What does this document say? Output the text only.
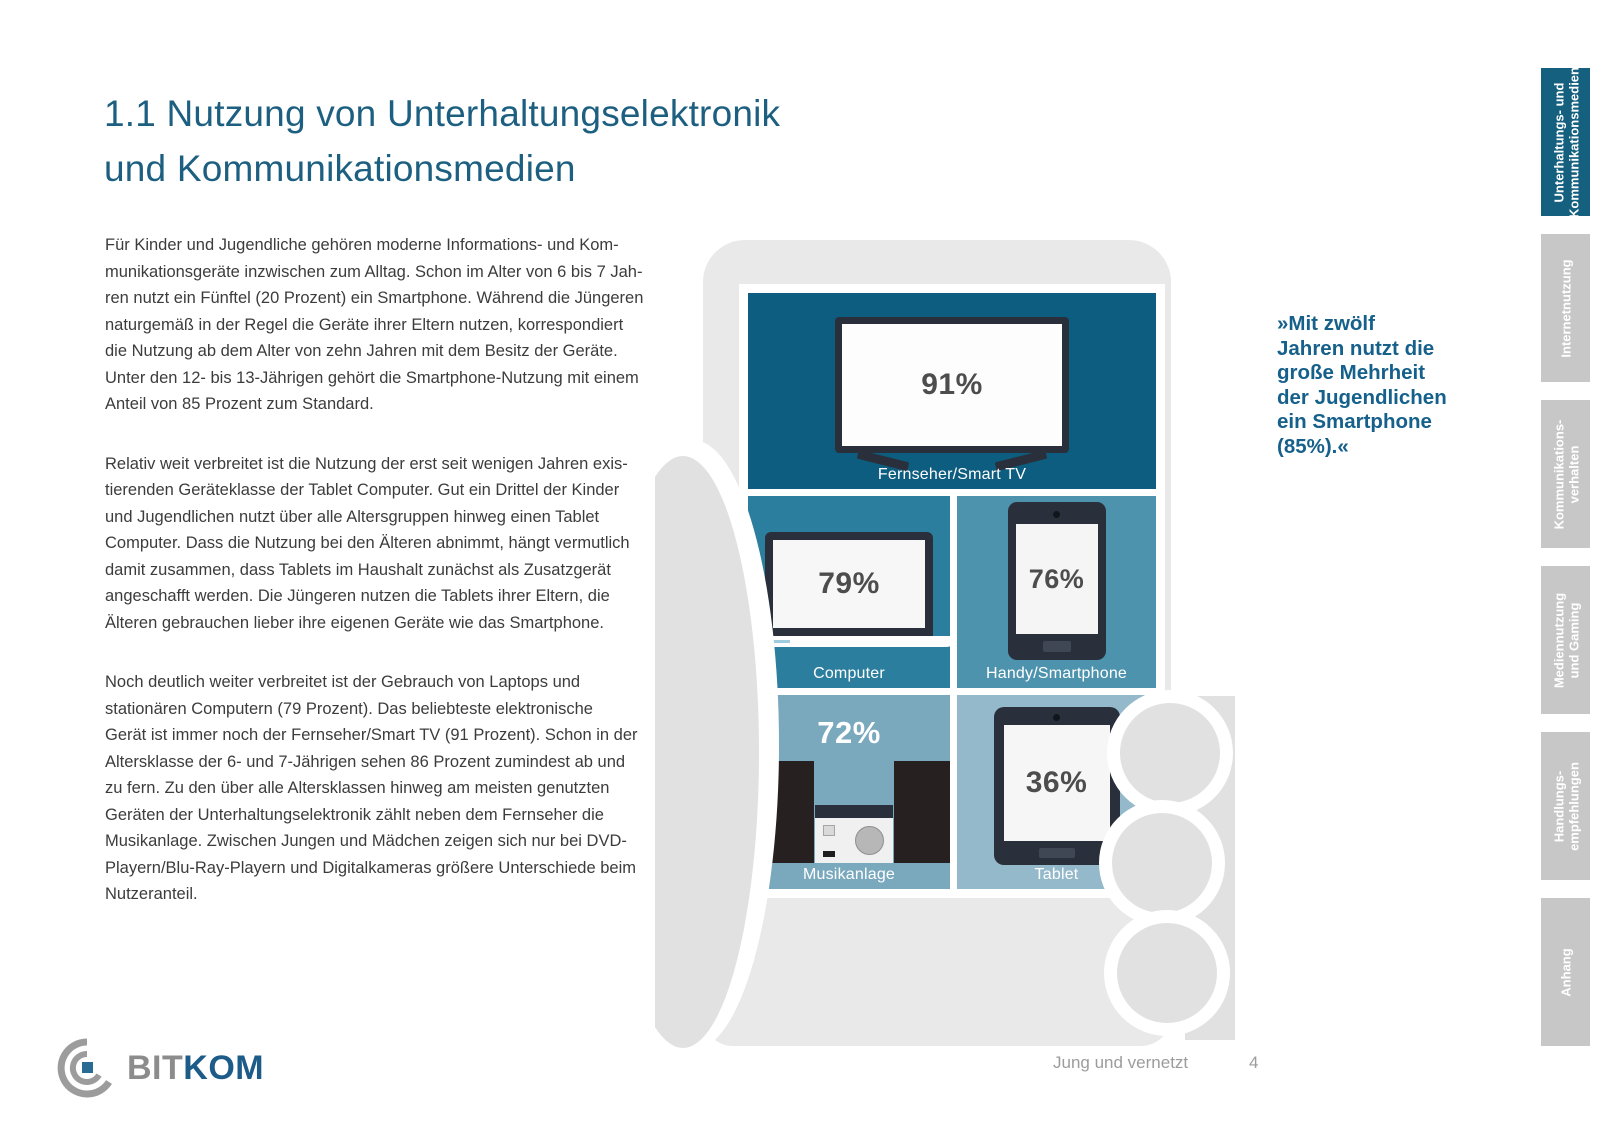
1.1 Nutzung von Unterhaltungselektronik
und Kommunikationsmedien
Für Kinder und Jugendliche gehören moderne Informations- und Kom-
munikationsgeräte inzwischen zum Alltag. Schon im Alter von 6 bis 7 Jah-
ren nutzt ein Fünftel (20 Prozent) ein Smartphone. Während die Jüngeren
naturgemäß in der Regel die Geräte ihrer Eltern nutzen, korrespondiert
die Nutzung ab dem Alter von zehn Jahren mit dem Besitz der Geräte.
Unter den 12- bis 13-Jährigen gehört die Smartphone-Nutzung mit einem
Anteil von 85 Prozent zum Standard.
Relativ weit verbreitet ist die Nutzung der erst seit wenigen Jahren exis-
tierenden Geräteklasse der Tablet Computer. Gut ein Drittel der Kinder
und Jugendlichen nutzt über alle Altersgruppen hinweg einen Tablet
Computer. Dass die Nutzung bei den Älteren abnimmt, hängt vermutlich
damit zusammen, dass Tablets im Haushalt zunächst als Zusatzgerät
angeschafft werden. Die Jüngeren nutzen die Tablets ihrer Eltern, die
Älteren gebrauchen lieber ihre eigenen Geräte wie das Smartphone.
Noch deutlich weiter verbreitet ist der Gebrauch von Laptops und
stationären Computern (79 Prozent). Das beliebteste elektronische
Gerät ist immer noch der Fernseher/Smart TV (91 Prozent). Schon in der
Altersklasse der 6- und 7-Jährigen sehen 86 Prozent zumindest ab und
zu fern. Zu den über alle Altersklassen hinweg am meisten genutzten
Geräten der Unterhaltungselektronik zählt neben dem Fernseher die
Musikanlage. Zwischen Jungen und Mädchen zeigen sich nur bei DVD-
Playern/Blu-Ray-Playern und Digitalkameras größere Unterschiede beim
Nutzeranteil.
91%
Fernseher/Smart TV
79%
Computer
76%
Handy/Smartphone
72%
Musikanlage
36%
Tablet
»Mit zwölf
Jahren nutzt die
große Mehrheit
der Jugendlichen
ein Smartphone
(85%).«
Unterhaltungs- und Kommunikationsmedien
Internetnutzung
Kommunikations- verhalten
Mediennutzung und Gaming
Handlungs- empfehlungen
Anhang
BITKOM	Jung und vernetzt	4
